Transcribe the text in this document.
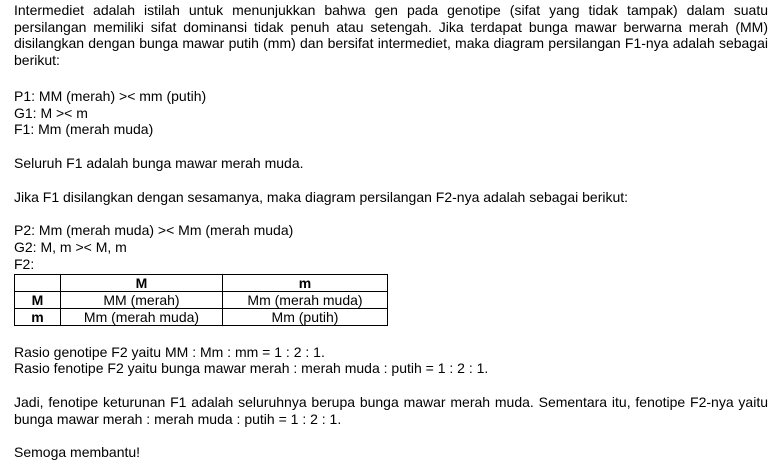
Intermediet adalah istilah untuk menunjukkan bahwa gen pada genotipe (sifat yang tidak tampak) dalam suatu persilangan memiliki sifat dominansi tidak penuh atau setengah. Jika terdapat bunga mawar berwarna merah (MM) disilangkan dengan bunga mawar putih (mm) dan bersifat intermediet, maka diagram persilangan F1-nya adalah sebagai berikut:

P1: MM (merah) >< mm (putih)
G1: M >< m
F1: Mm (merah muda)
Seluruh F1 adalah bunga mawar merah muda.
Jika F1 disilangkan dengan sesamanya, maka diagram persilangan F2-nya adalah sebagai berikut:
P2: Mm (merah muda) >< Mm (merah muda)
G2: M, m >< M, m
F2:
	M	m
M	MM (merah)	Mm (merah muda)
m	Mm (merah muda)	Mm (putih)
Rasio genotipe F2 yaitu MM : Mm : mm = 1 : 2 : 1.
Rasio fenotipe F2 yaitu bunga mawar merah : merah muda : putih = 1 : 2 : 1.

Jadi, fenotipe keturunan F1 adalah seluruhnya berupa bunga mawar merah muda. Sementara itu, fenotipe F2-nya yaitu bunga mawar merah : merah muda : putih = 1 : 2 : 1.

Semoga membantu!
